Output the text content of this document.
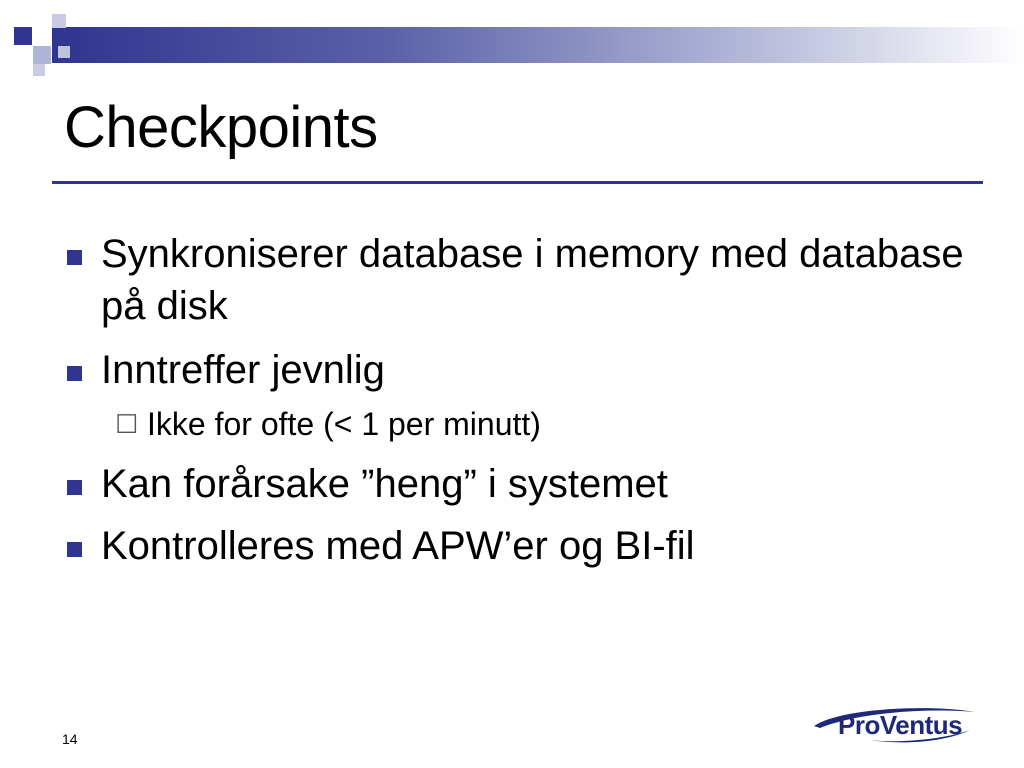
Checkpoints
Synkroniserer database i memory med database på disk
Inntreffer jevnlig
☐ Ikke for ofte (< 1 per minutt)
Kan forårsake ”heng” i systemet
Kontrolleres med APW’er og BI-fil
14	ProVentus
